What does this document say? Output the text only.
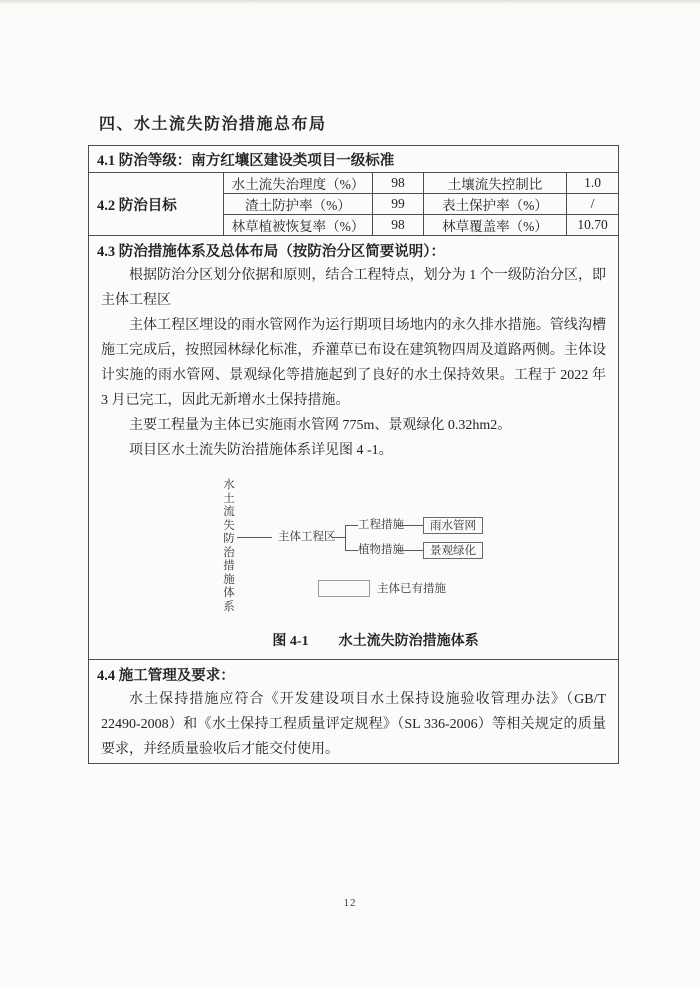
四、水土流失防治措施总布局
4.1 防治等级：南方红壤区建设类项目一级标准				
4.2 防治目标	水土流失治理度（%）	98	土壤流失控制比	1.0
	渣土防护率（%）	99	表土保护率（%）	/
	林草植被恢复率（%）	98	林草覆盖率（%）	10.70

4.3 防治措施体系及总体布局（按防治分区简要说明）：

根据防治分区划分依据和原则，结合工程特点，划分为 1 个一级防治分区，即主体工程区

主体工程区埋设的雨水管网作为运行期项目场地内的永久排水措施。管线沟槽施工完成后，按照园林绿化标准，乔灌草已布设在建筑物四周及道路两侧。主体设计实施的雨水管网、景观绿化等措施起到了良好的水土保持效果。工程于 2022 年 3 月已完工，因此无新增水土保持措施。

主要工程量为主体已实施雨水管网 775m、景观绿化 0.32hm2。

项目区水土流失防治措施体系详见图 4 -1。

水土流失防治措施体系
主体工程区
工程措施	雨水管网
植物措施	景观绿化
主体已有措施
图 4-1 水土流失防治措施体系

4.4 施工管理及要求：

水土保持措施应符合《开发建设项目水土保持设施验收管理办法》（GB/T 22490-2008）和《水土保持工程质量评定规程》（SL 336-2006）等相关规定的质量要求，并经质量验收后才能交付使用。				

12
